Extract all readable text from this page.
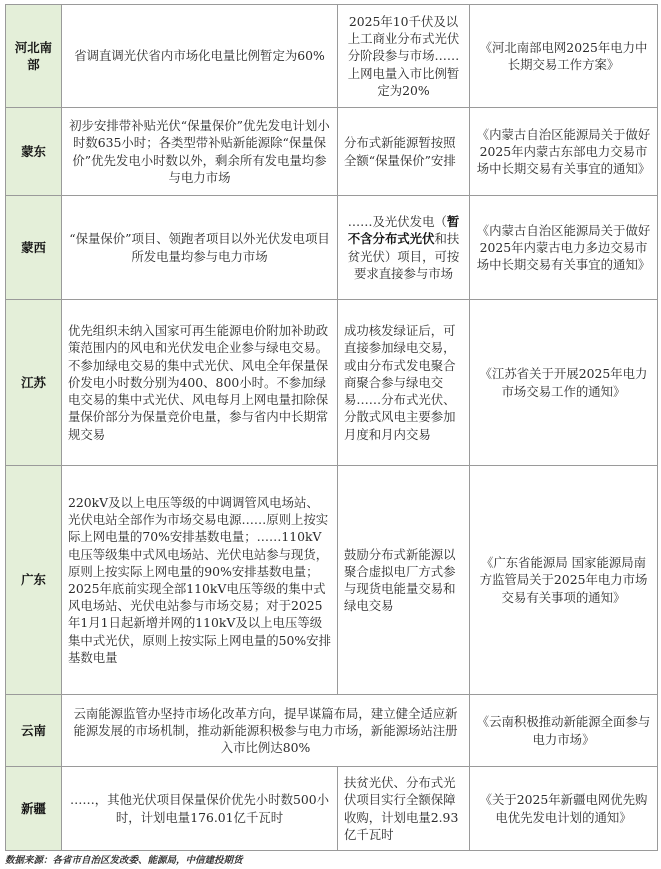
河北南部	省调直调光伏省内市场化电量比例暂定为60%	2025年10千伏及以上工商业分布式光伏分阶段参与市场……上网电量入市比例暂定为20%	《河北南部电网2025年电力中长期交易工作方案》
蒙东	初步安排带补贴光伏“保量保价”优先发电计划小时数635小时；各类型带补贴新能源除“保量保价”优先发电小时数以外，剩余所有发电量均参与电力市场	分布式新能源暂按照全额“保量保价”安排	《内蒙古自治区能源局关于做好2025年内蒙古东部电力交易市场中长期交易有关事宜的通知》
蒙西	“保量保价”项目、领跑者项目以外光伏发电项目所发电量均参与电力市场	……及光伏发电（暂不含分布式光伏和扶贫光伏）项目，可按要求直接参与市场	《内蒙古自治区能源局关于做好2025年内蒙古电力多边交易市场中长期交易有关事宜的通知》
江苏	优先组织未纳入国家可再生能源电价附加补助政策范围内的风电和光伏发电企业参与绿电交易。不参加绿电交易的集中式光伏、风电全年保量保价发电小时数分别为400、800小时。不参加绿电交易的集中式光伏、风电每月上网电量扣除保量保价部分为保量竞价电量，参与省内中长期常规交易	成功核发绿证后，可直接参加绿电交易，或由分布式发电聚合商聚合参与绿电交易……分布式光伏、分散式风电主要参加月度和月内交易	《江苏省关于开展2025年电力市场交易工作的通知》
广东	220kV及以上电压等级的中调调管风电场站、光伏电站全部作为市场交易电源……原则上按实际上网电量的70%安排基数电量；……110kV电压等级集中式风电场站、光伏电站参与现货，原则上按实际上网电量的90%安排基数电量；2025年底前实现全部110kV电压等级的集中式风电场站、光伏电站参与市场交易；对于2025年1月1日起新增并网的110kV及以上电压等级集中式光伏，原则上按实际上网电量的50%安排基数电量	鼓励分布式新能源以聚合虚拟电厂方式参与现货电能量交易和绿电交易	《广东省能源局 国家能源局南方监管局关于2025年电力市场交易有关事项的通知》
云南	云南能源监管办坚持市场化改革方向，提早谋篇布局，建立健全适应新能源发展的市场机制，推动新能源积极参与电力市场，新能源场站注册入市比例达80%		《云南积极推动新能源全面参与电力市场》
新疆	……，其他光伏项目保量保价优先小时数500小时，计划电量176.01亿千瓦时	扶贫光伏、分布式光伏项目实行全额保障收购，计划电量2.93亿千瓦时	《关于2025年新疆电网优先购电优先发电计划的通知》
数据来源：各省市自治区发改委、能源局，中信建投期货
